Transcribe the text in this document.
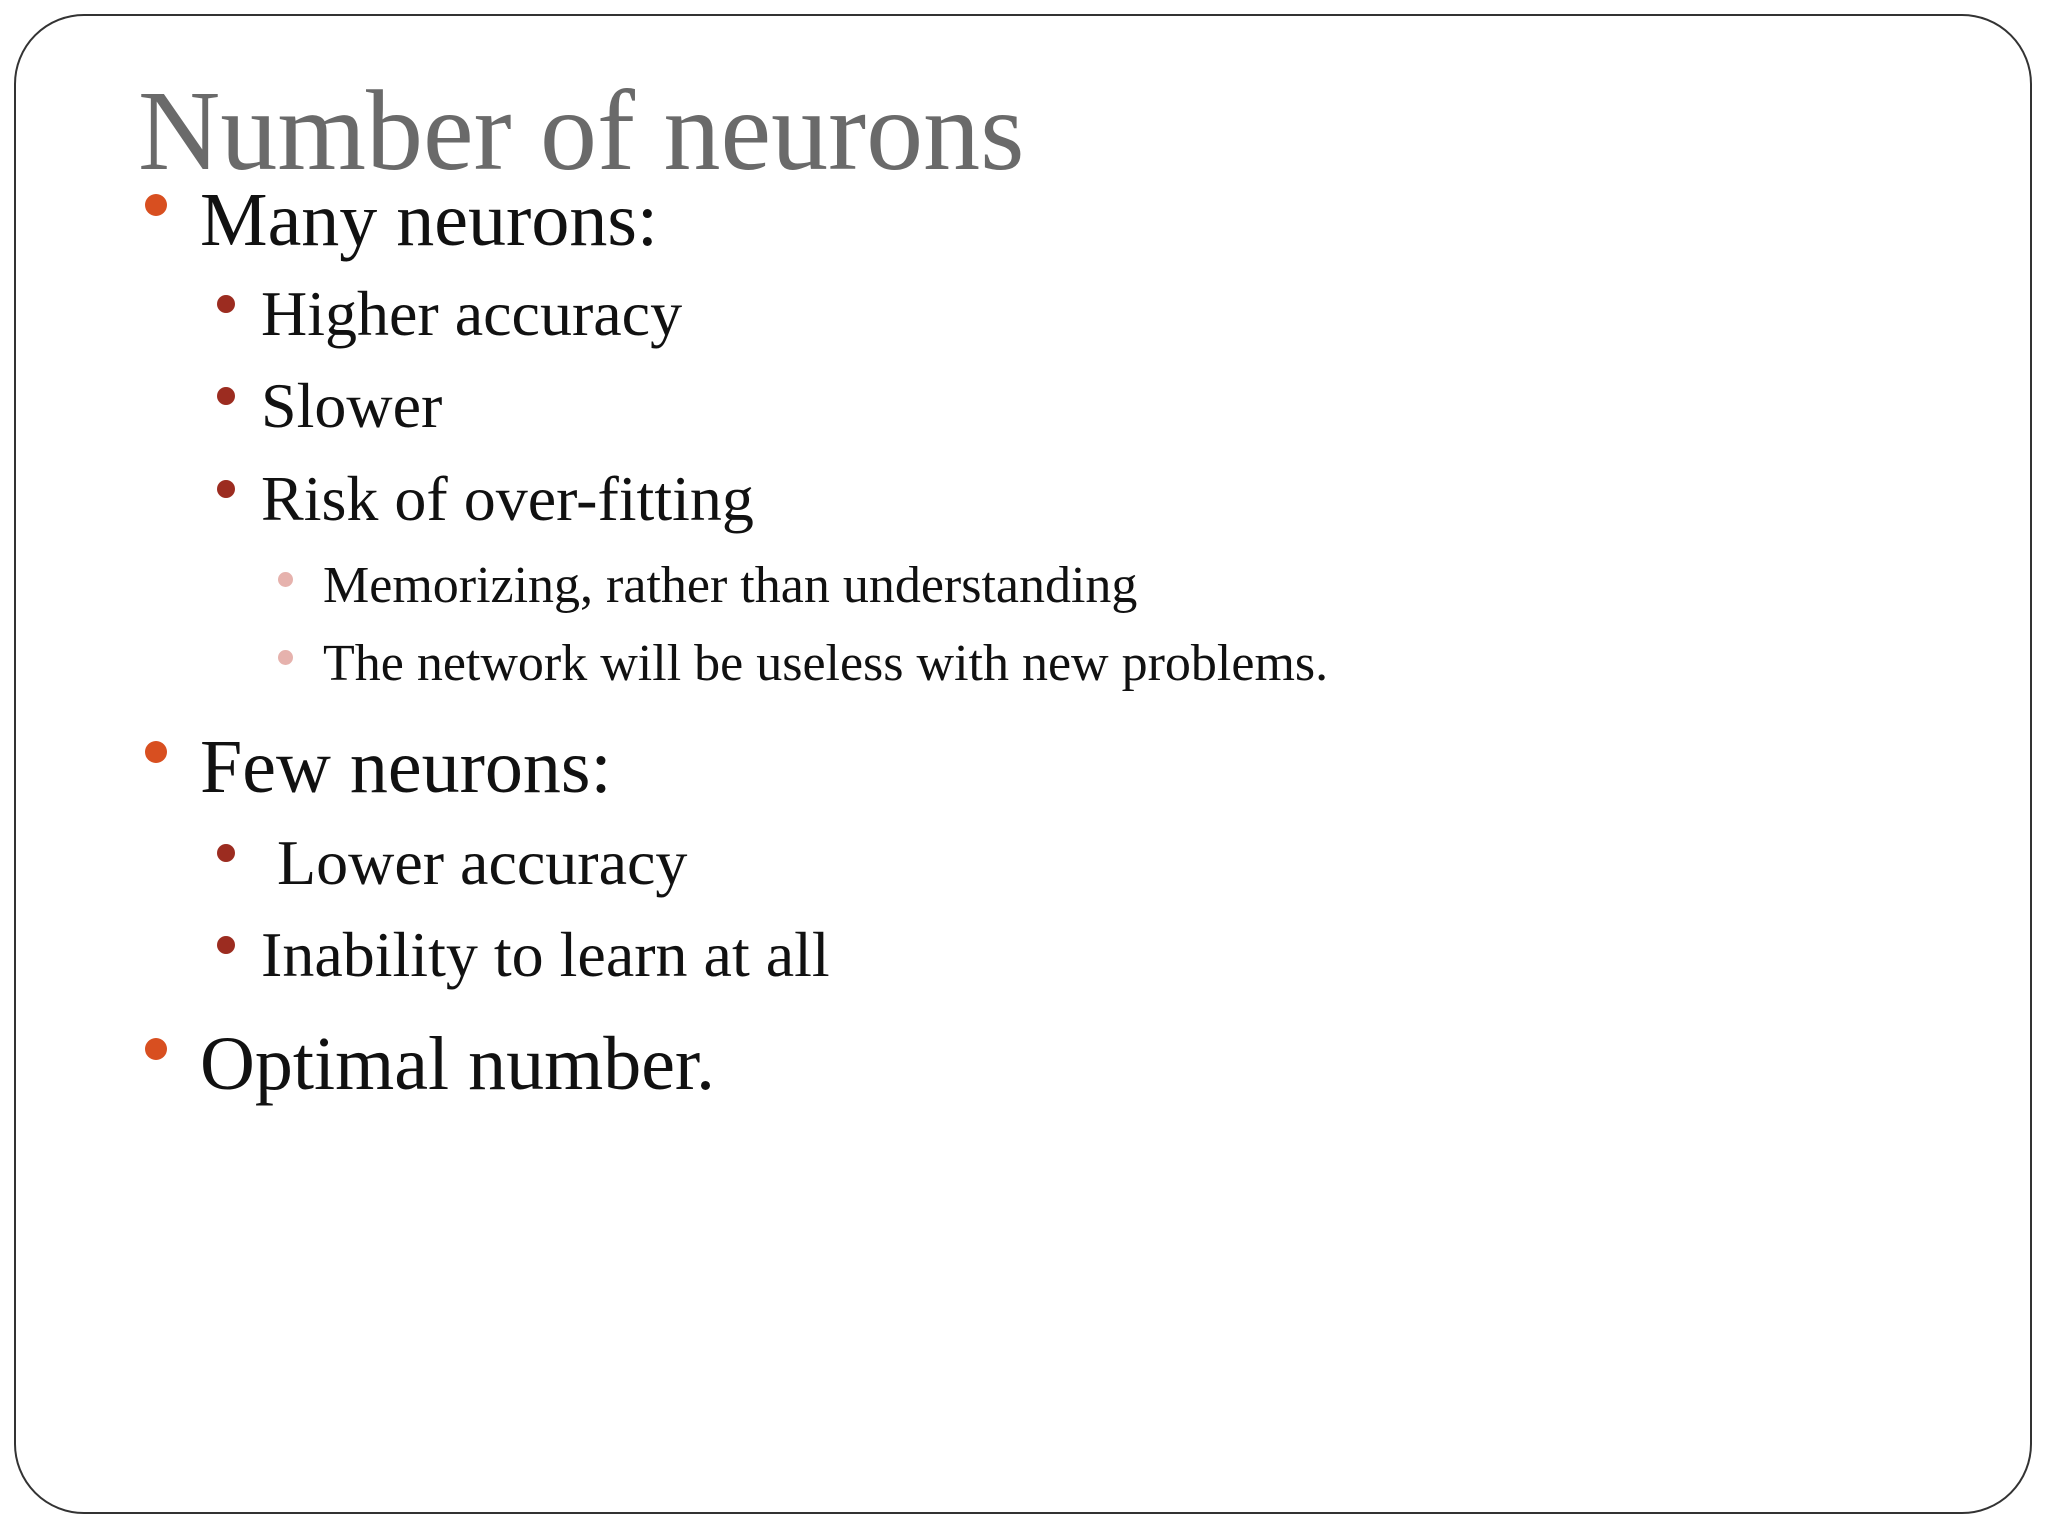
Number of neurons
Many neurons:
Higher accuracy
Slower
Risk of over-fitting
Memorizing, rather than understanding
The network will be useless with new problems.
Few neurons:
Lower accuracy
Inability to learn at all
Optimal number.
